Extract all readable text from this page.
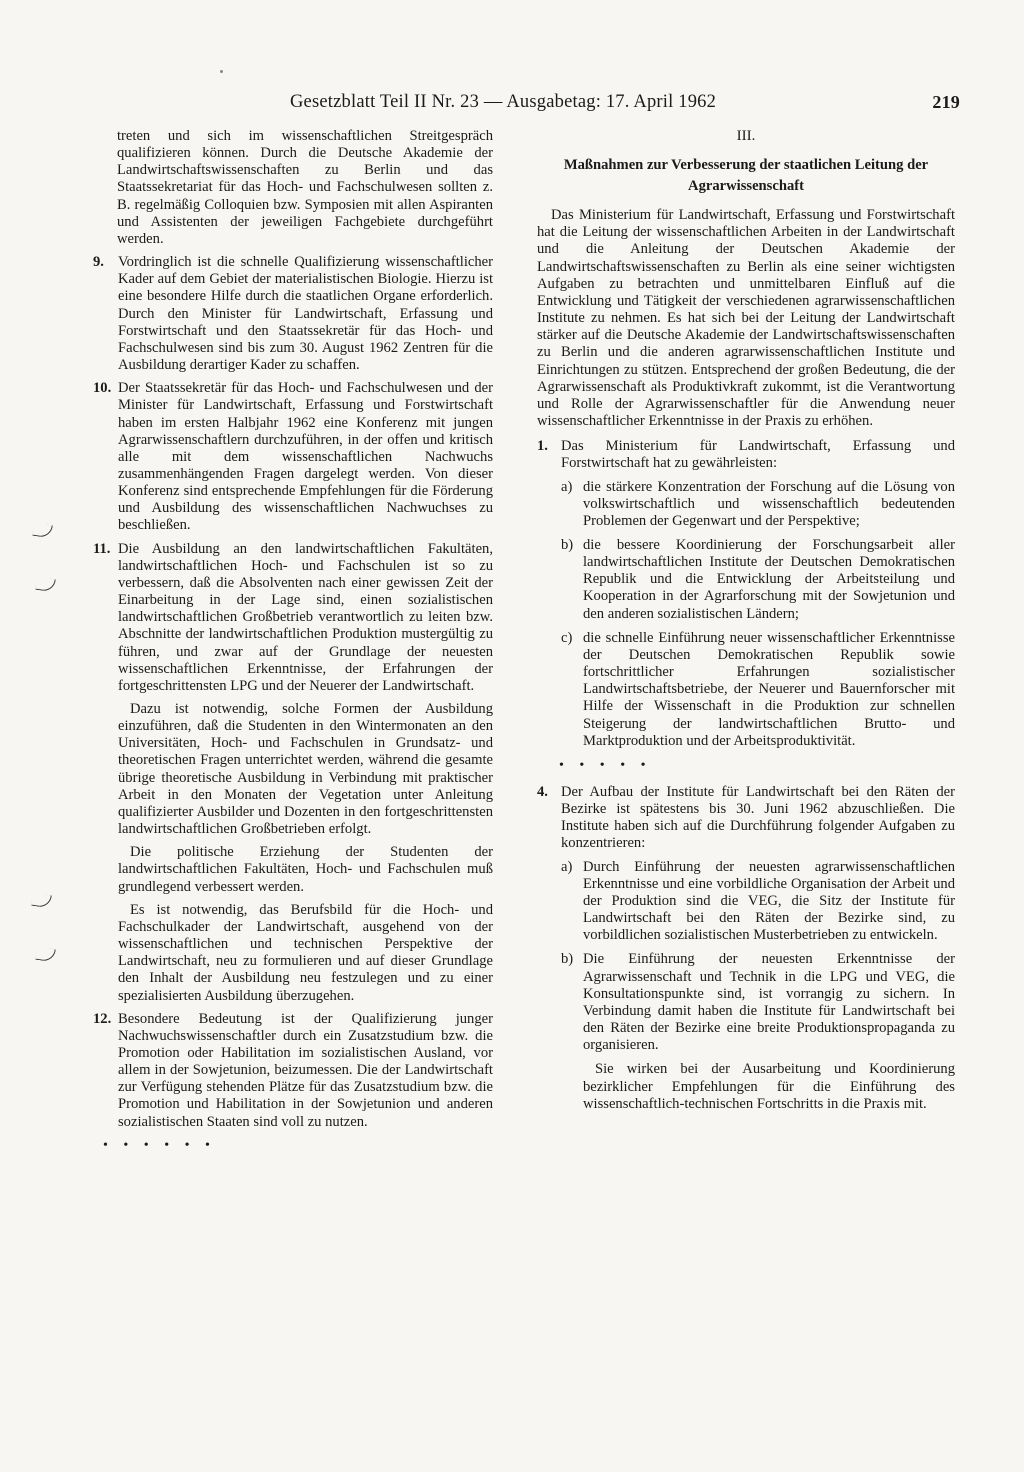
Gesetzblatt Teil II Nr. 23 — Ausgabetag: 17. April 1962	219

treten und sich im wissenschaftlichen Streitgespräch qualifizieren können. Durch die Deutsche Akademie der Landwirtschaftswissenschaften zu Berlin und das Staatssekretariat für das Hoch- und Fachschulwesen sollten z. B. regelmäßig Colloquien bzw. Symposien mit allen Aspiranten und Assistenten der jeweiligen Fachgebiete durchgeführt werden.

9. Vordringlich ist die schnelle Qualifizierung wissenschaftlicher Kader auf dem Gebiet der materialistischen Biologie. Hierzu ist eine besondere Hilfe durch die staatlichen Organe erforderlich. Durch den Minister für Landwirtschaft, Erfassung und Forstwirtschaft und den Staatssekretär für das Hoch- und Fachschulwesen sind bis zum 30. August 1962 Zentren für die Ausbildung derartiger Kader zu schaffen.
10. Der Staatssekretär für das Hoch- und Fachschulwesen und der Minister für Landwirtschaft, Erfassung und Forstwirtschaft haben im ersten Halbjahr 1962 eine Konferenz mit jungen Agrarwissenschaftlern durchzuführen, in der offen und kritisch alle mit dem wissenschaftlichen Nachwuchs zusammenhängenden Fragen dargelegt werden. Von dieser Konferenz sind entsprechende Empfehlungen für die Förderung und Ausbildung des wissenschaftlichen Nachwuchses zu beschließen.
11. Die Ausbildung an den landwirtschaftlichen Fakultäten, landwirtschaftlichen Hoch- und Fachschulen ist so zu verbessern, daß die Absolventen nach einer gewissen Zeit der Einarbeitung in der Lage sind, einen sozialistischen landwirtschaftlichen Großbetrieb verantwortlich zu leiten bzw. Abschnitte der landwirtschaftlichen Produktion mustergültig zu führen, und zwar auf der Grundlage der neuesten wissenschaftlichen Erkenntnisse, der Erfahrungen der fortgeschrittensten LPG und der Neuerer der Landwirtschaft.

Dazu ist notwendig, solche Formen der Ausbildung einzuführen, daß die Studenten in den Wintermonaten an den Universitäten, Hoch- und Fachschulen in Grundsatz- und theoretischen Fragen unterrichtet werden, während die gesamte übrige theoretische Ausbildung in Verbindung mit praktischer Arbeit in den Monaten der Vegetation unter Anleitung qualifizierter Ausbilder und Dozenten in den fortgeschrittensten landwirtschaftlichen Großbetrieben erfolgt.

Die politische Erziehung der Studenten der landwirtschaftlichen Fakultäten, Hoch- und Fachschulen muß grundlegend verbessert werden.

Es ist notwendig, das Berufsbild für die Hoch- und Fachschulkader der Landwirtschaft, ausgehend von der wissenschaftlichen und technischen Perspektive der Landwirtschaft, neu zu formulieren und auf dieser Grundlage den Inhalt der Ausbildung neu festzulegen und zu einer spezialisierten Ausbildung überzugehen.

12. Besondere Bedeutung ist der Qualifizierung junger Nachwuchswissenschaftler durch ein Zusatzstudium bzw. die Promotion oder Habilitation im sozialistischen Ausland, vor allem in der Sowjetunion, beizumessen. Die der Landwirtschaft zur Verfügung stehenden Plätze für das Zusatzstudium bzw. die Promotion und Habilitation in der Sowjetunion und anderen sozialistischen Staaten sind voll zu nutzen.
• • • • • •
III.
Maßnahmen zur Verbesserung der staatlichen Leitung der Agrarwissenschaft

Das Ministerium für Landwirtschaft, Erfassung und Forstwirtschaft hat die Leitung der wissenschaftlichen Arbeiten in der Landwirtschaft und die Anleitung der Deutschen Akademie der Landwirtschaftswissenschaften zu Berlin als eine seiner wichtigsten Aufgaben zu betrachten und unmittelbaren Einfluß auf die Entwicklung und Tätigkeit der verschiedenen agrarwissenschaftlichen Institute zu nehmen. Es hat sich bei der Leitung der Landwirtschaft stärker auf die Deutsche Akademie der Landwirtschaftswissenschaften zu Berlin und die anderen agrarwissenschaftlichen Institute und Einrichtungen zu stützen. Entsprechend der großen Bedeutung, die der Agrarwissenschaft als Produktivkraft zukommt, ist die Verantwortung und Rolle der Agrarwissenschaftler für die Anwendung neuer wissenschaftlicher Erkenntnisse in der Praxis zu erhöhen.

1. Das Ministerium für Landwirtschaft, Erfassung und Forstwirtschaft hat zu gewährleisten:

a) die stärkere Konzentration der Forschung auf die Lösung von volkswirtschaftlich und wissenschaftlich bedeutenden Problemen der Gegenwart und der Perspektive;
b) die bessere Koordinierung der Forschungsarbeit aller landwirtschaftlichen Institute der Deutschen Demokratischen Republik und die Entwicklung der Arbeitsteilung und Kooperation in der Agrarforschung mit der Sowjetunion und den anderen sozialistischen Ländern;
c) die schnelle Einführung neuer wissenschaftlicher Erkenntnisse der Deutschen Demokratischen Republik sowie fortschrittlicher Erfahrungen sozialistischer Landwirtschaftsbetriebe, der Neuerer und Bauernforscher mit Hilfe der Wissenschaft in die Produktion zur schnellen Steigerung der landwirtschaftlichen Brutto- und Marktproduktion und der Arbeitsproduktivität.
• • • • •
4. Der Aufbau der Institute für Landwirtschaft bei den Räten der Bezirke ist spätestens bis 30. Juni 1962 abzuschließen. Die Institute haben sich auf die Durchführung folgender Aufgaben zu konzentrieren:

a) Durch Einführung der neuesten agrarwissenschaftlichen Erkenntnisse und eine vorbildliche Organisation der Arbeit und der Produktion sind die VEG, die Sitz der Institute für Landwirtschaft bei den Räten der Bezirke sind, zu vorbildlichen sozialistischen Musterbetrieben zu entwickeln.
b) Die Einführung der neuesten Erkenntnisse der Agrarwissenschaft und Technik in die LPG und VEG, die Konsultationspunkte sind, ist vorrangig zu sichern. In Verbindung damit haben die Institute für Landwirtschaft bei den Räten der Bezirke eine breite Produktionspropaganda zu organisieren.

Sie wirken bei der Ausarbeitung und Koordinierung bezirklicher Empfehlungen für die Einführung des wissenschaftlich-technischen Fortschritts in die Praxis mit.
